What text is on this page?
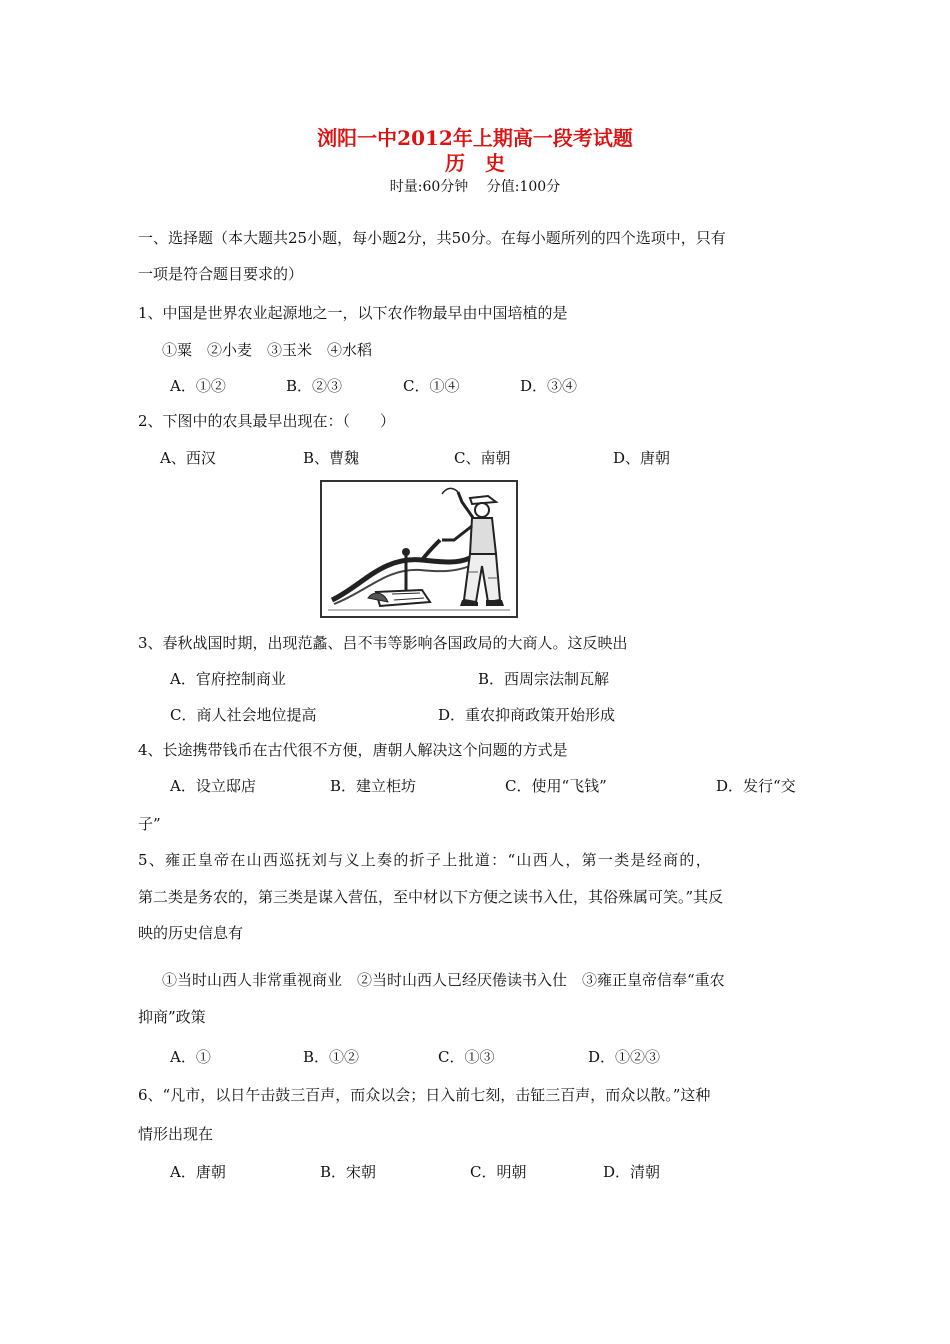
浏阳一中2012年上期高一段考试题
历　史
时量:60分钟　 分值:100分
一、选择题（本大题共25小题，每小题2分，共50分。在每小题所列的四个选项中，只有
一项是符合题目要求的）
1、中国是世界农业起源地之一，以下农作物最早由中国培植的是
①粟　②小麦　③玉米　④水稻
A．①②	B．②③	C．①④	D．③④
2、下图中的农具最早出现在：（　　）
A、西汉	B、曹魏	C、南朝	D、唐朝
3、春秋战国时期，出现范蠡、吕不韦等影响各国政局的大商人。这反映出
A．官府控制商业	B．西周宗法制瓦解
C．商人社会地位提高	D．重农抑商政策开始形成
4、长途携带钱币在古代很不方便，唐朝人解决这个问题的方式是
A．设立邸店	B．建立柜坊	C．使用“飞钱”	D．发行“交
子”
5、雍正皇帝在山西巡抚刘与义上奏的折子上批道：“山西人，第一类是经商的，
第二类是务农的，第三类是谋入营伍，至中材以下方便之读书入仕，其俗殊属可笑。”其反
映的历史信息有
①当时山西人非常重视商业　②当时山西人已经厌倦读书入仕　③雍正皇帝信奉“重农
抑商”政策
A．①	B．①②	C．①③	D．①②③
6、“凡市，以日午击鼓三百声，而众以会；日入前七刻，击钲三百声，而众以散。”这种
情形出现在
A．唐朝	B．宋朝	C．明朝	D．清朝
